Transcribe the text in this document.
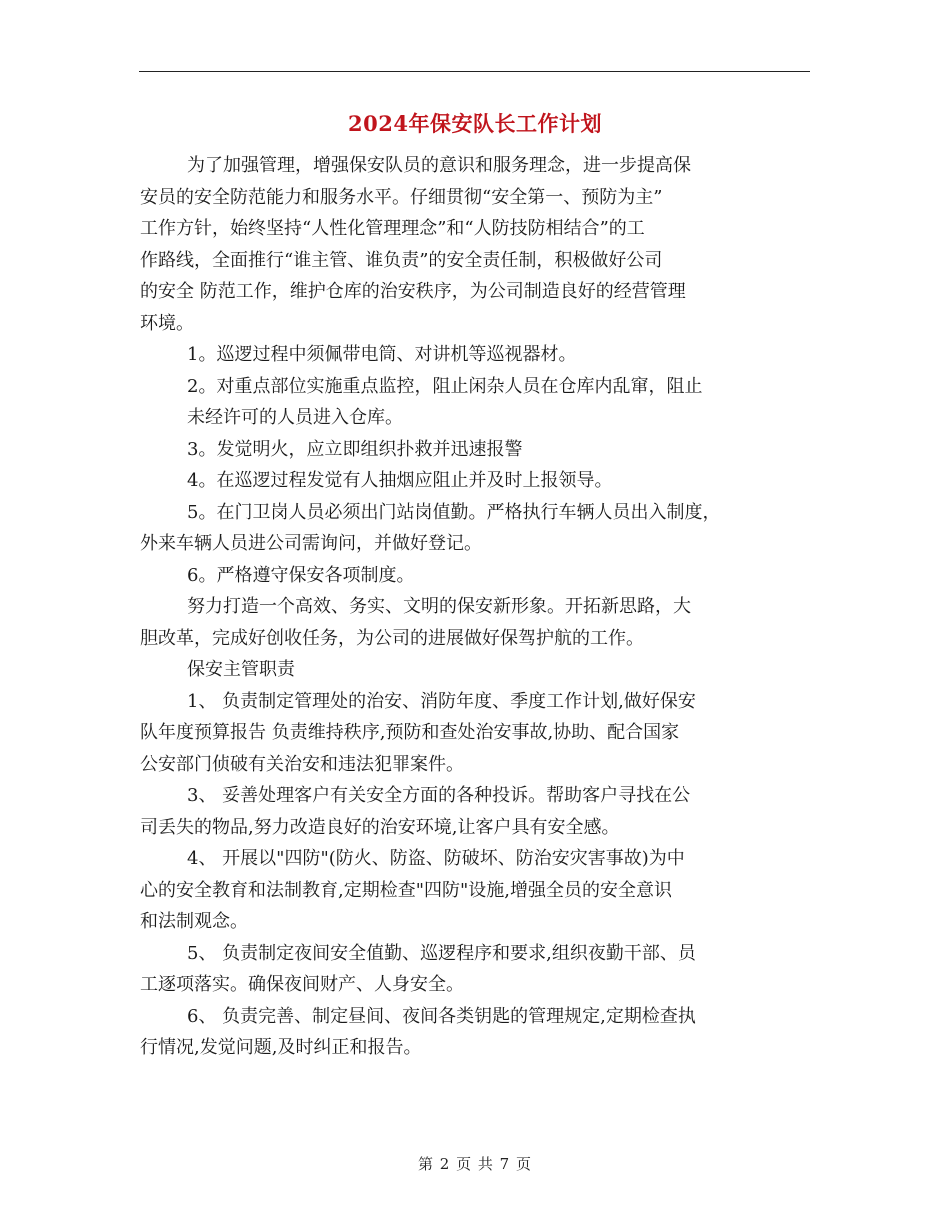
2024年保安队长工作计划

为了加强管理，增强保安队员的意识和服务理念，进一步提高保
安员的安全防范能力和服务水平。仔细贯彻“安全第一、预防为主”
工作方针，始终坚持“人性化管理理念”和“人防技防相结合”的工
作路线，全面推行“谁主管、谁负责”的安全责任制，积极做好公司
的安全 防范工作，维护仓库的治安秩序，为公司制造良好的经营管理
环境。

1。巡逻过程中须佩带电筒、对讲机等巡视器材。

2。对重点部位实施重点监控，阻止闲杂人员在仓库内乱窜，阻止
未经许可的人员进入仓库。

3。发觉明火，应立即组织扑救并迅速报警

4。在巡逻过程发觉有人抽烟应阻止并及时上报领导。

5。在门卫岗人员必须出门站岗值勤。严格执行车辆人员出入制度，
外来车辆人员进公司需询问，并做好登记。

6。严格遵守保安各项制度。

努力打造一个高效、务实、文明的保安新形象。开拓新思路，大
胆改革，完成好创收任务，为公司的进展做好保驾护航的工作。

保安主管职责

1、 负责制定管理处的治安、消防年度、季度工作计划,做好保安
队年度预算报告 负责维持秩序,预防和查处治安事故,协助、配合国家
公安部门侦破有关治安和违法犯罪案件。

3、 妥善处理客户有关安全方面的各种投诉。帮助客户寻找在公
司丢失的物品,努力改造良好的治安环境,让客户具有安全感。

4、 开展以"四防"(防火、防盗、防破坏、防治安灾害事故)为中
心的安全教育和法制教育,定期检查"四防"设施,增强全员的安全意识
和法制观念。

5、 负责制定夜间安全值勤、巡逻程序和要求,组织夜勤干部、员
工逐项落实。确保夜间财产、人身安全。

6、 负责完善、制定昼间、夜间各类钥匙的管理规定,定期检查执
行情况,发觉问题,及时纠正和报告。

第 2 页 共 7 页
